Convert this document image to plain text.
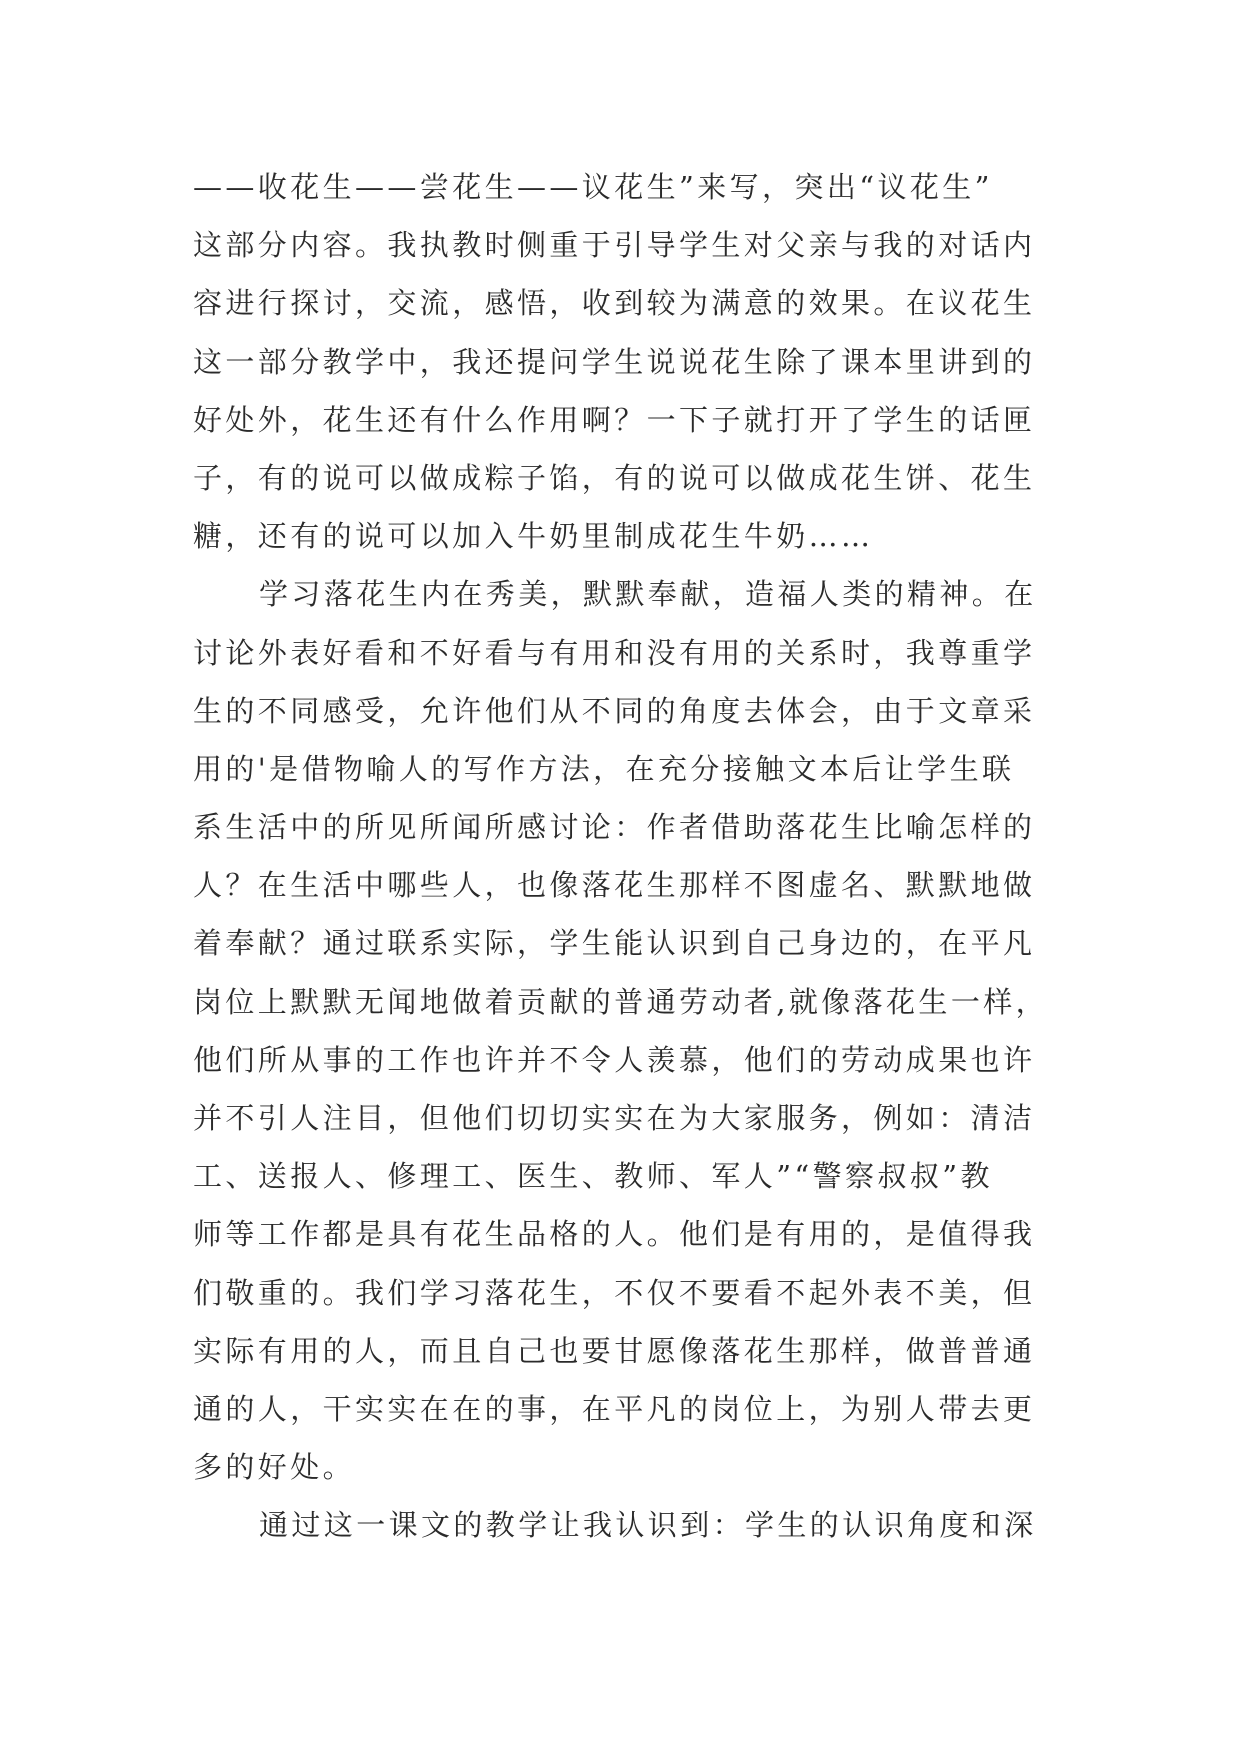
——收花生——尝花生——议花生”来写，突出“议花生”
这部分内容。我执教时侧重于引导学生对父亲与我的对话内
容进行探讨，交流，感悟，收到较为满意的效果。在议花生
这一部分教学中，我还提问学生说说花生除了课本里讲到的
好处外，花生还有什么作用啊？一下子就打开了学生的话匣
子，有的说可以做成粽子馅，有的说可以做成花生饼、花生
糖，还有的说可以加入牛奶里制成花生牛奶……
学习落花生内在秀美，默默奉献，造福人类的精神。在
讨论外表好看和不好看与有用和没有用的关系时，我尊重学
生的不同感受，允许他们从不同的角度去体会，由于文章采
用的'是借物喻人的写作方法，在充分接触文本后让学生联
系生活中的所见所闻所感讨论：作者借助落花生比喻怎样的
人？在生活中哪些人，也像落花生那样不图虚名、默默地做
着奉献？通过联系实际，学生能认识到自己身边的，在平凡
岗位上默默无闻地做着贡献的普通劳动者,就像落花生一样，
他们所从事的工作也许并不令人羡慕，他们的劳动成果也许
并不引人注目，但他们切切实实在为大家服务，例如：清洁
工、送报人、修理工、医生、教师、军人”“警察叔叔”教
师等工作都是具有花生品格的人。他们是有用的，是值得我
们敬重的。我们学习落花生，不仅不要看不起外表不美，但
实际有用的人，而且自己也要甘愿像落花生那样，做普普通
通的人，干实实在在的事，在平凡的岗位上，为别人带去更
多的好处。
通过这一课文的教学让我认识到：学生的认识角度和深
